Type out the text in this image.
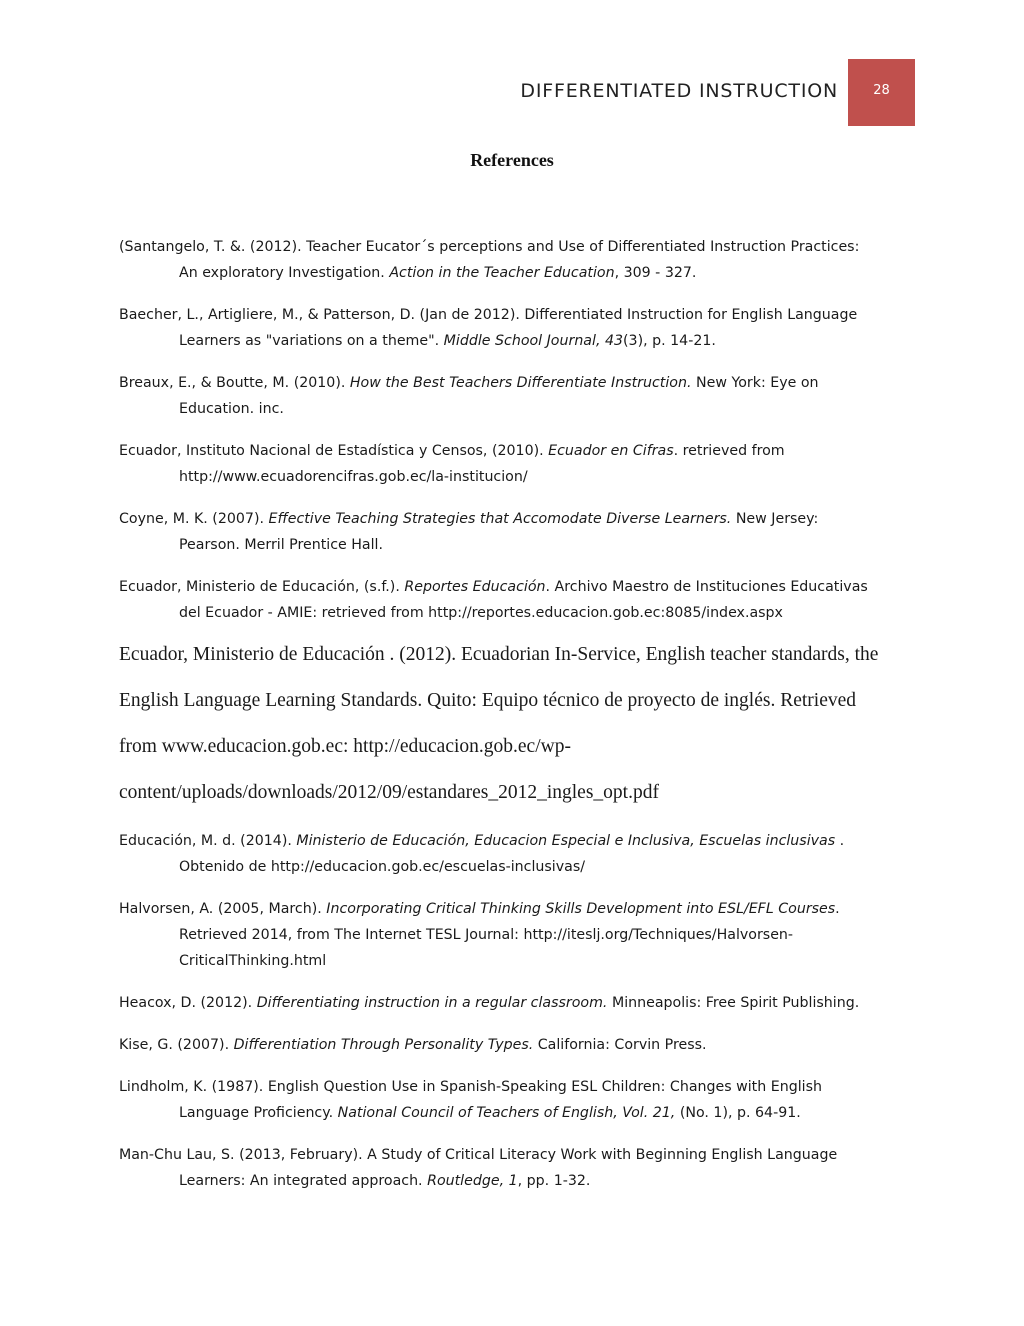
DIFFERENTIATED INSTRUCTION	28
References
(Santangelo, T. &. (2012). Teacher Eucator´s perceptions and Use of Differentiated Instruction Practices:
An exploratory Investigation. Action in the Teacher Education, 309 - 327.
Baecher, L., Artigliere, M., & Patterson, D. (Jan de 2012). Differentiated Instruction for English Language
Learners as "variations on a theme". Middle School Journal, 43(3), p. 14-21.
Breaux, E., & Boutte, M. (2010). How the Best Teachers Differentiate Instruction. New York: Eye on
Education. inc.
Ecuador, Instituto Nacional de Estadística y Censos, (2010). Ecuador en Cifras. retrieved from
http://www.ecuadorencifras.gob.ec/la-institucion/
Coyne, M. K. (2007). Effective Teaching Strategies that Accomodate Diverse Learners. New Jersey:
Pearson. Merril Prentice Hall.
Ecuador, Ministerio de Educación, (s.f.). Reportes Educación. Archivo Maestro de Instituciones Educativas
del Ecuador - AMIE: retrieved from http://reportes.educacion.gob.ec:8085/index.aspx
Ecuador, Ministerio de Educación . (2012). Ecuadorian In-Service, English teacher standards, the
English Language Learning Standards. Quito: Equipo técnico de proyecto de inglés. Retrieved
from www.educacion.gob.ec: http://educacion.gob.ec/wp-
content/uploads/downloads/2012/09/estandares_2012_ingles_opt.pdf
Educación, M. d. (2014). Ministerio de Educación, Educacion Especial e Inclusiva, Escuelas inclusivas .
Obtenido de http://educacion.gob.ec/escuelas-inclusivas/
Halvorsen, A. (2005, March). Incorporating Critical Thinking Skills Development into ESL/EFL Courses.
Retrieved 2014, from The Internet TESL Journal: http://iteslj.org/Techniques/Halvorsen-
CriticalThinking.html
Heacox, D. (2012). Differentiating instruction in a regular classroom. Minneapolis: Free Spirit Publishing.
Kise, G. (2007). Differentiation Through Personality Types. California: Corvin Press.
Lindholm, K. (1987). English Question Use in Spanish-Speaking ESL Children: Changes with English
Language Proficiency. National Council of Teachers of English, Vol. 21, (No. 1), p. 64-91.
Man-Chu Lau, S. (2013, February). A Study of Critical Literacy Work with Beginning English Language
Learners: An integrated approach. Routledge, 1, pp. 1-32.
